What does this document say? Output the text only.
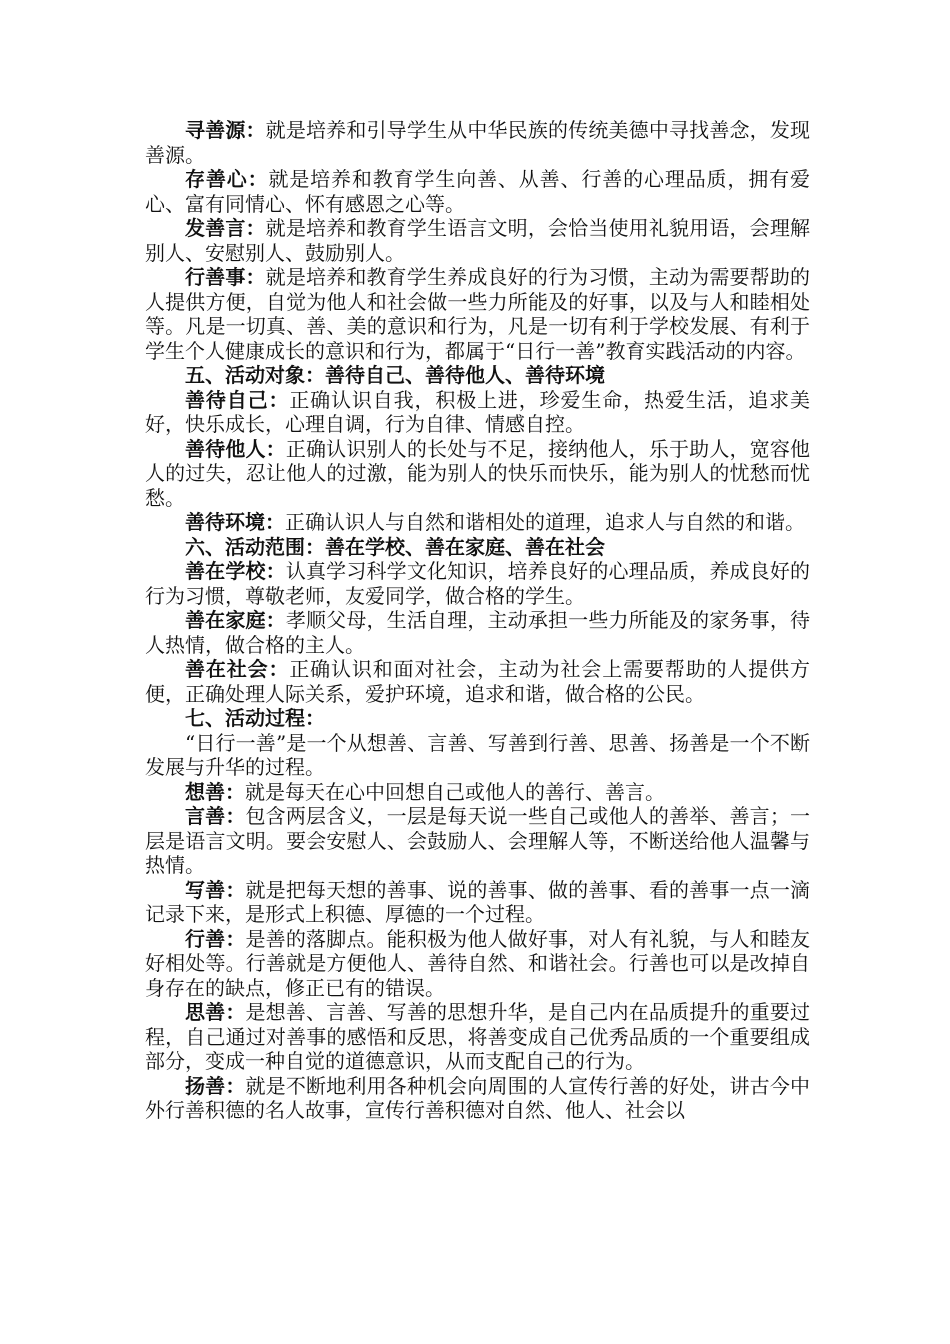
寻善源：就是培养和引导学生从中华民族的传统美德中寻找善念，发现善源。

存善心：就是培养和教育学生向善、从善、行善的心理品质，拥有爱心、富有同情心、怀有感恩之心等。

发善言：就是培养和教育学生语言文明，会恰当使用礼貌用语，会理解别人、安慰别人、鼓励别人。

行善事：就是培养和教育学生养成良好的行为习惯，主动为需要帮助的人提供方便，自觉为他人和社会做一些力所能及的好事，以及与人和睦相处等。凡是一切真、善、美的意识和行为，凡是一切有利于学校发展、有利于学生个人健康成长的意识和行为，都属于“日行一善”教育实践活动的内容。

五、活动对象：善待自己、善待他人、善待环境

善待自己：正确认识自我，积极上进，珍爱生命，热爱生活，追求美好，快乐成长，心理自调，行为自律、情感自控。

善待他人：正确认识别人的长处与不足，接纳他人，乐于助人，宽容他人的过失，忍让他人的过激，能为别人的快乐而快乐，能为别人的忧愁而忧愁。

善待环境：正确认识人与自然和谐相处的道理，追求人与自然的和谐。

六、活动范围：善在学校、善在家庭、善在社会

善在学校：认真学习科学文化知识，培养良好的心理品质，养成良好的行为习惯，尊敬老师，友爱同学，做合格的学生。

善在家庭：孝顺父母，生活自理，主动承担一些力所能及的家务事，待人热情，做合格的主人。

善在社会：正确认识和面对社会，主动为社会上需要帮助的人提供方便，正确处理人际关系，爱护环境，追求和谐，做合格的公民。

七、活动过程：

“日行一善”是一个从想善、言善、写善到行善、思善、扬善是一个不断发展与升华的过程。

想善：就是每天在心中回想自己或他人的善行、善言。

言善：包含两层含义，一层是每天说一些自己或他人的善举、善言；一层是语言文明。要会安慰人、会鼓励人、会理解人等，不断送给他人温馨与热情。

写善：就是把每天想的善事、说的善事、做的善事、看的善事一点一滴记录下来，是形式上积德、厚德的一个过程。

行善：是善的落脚点。能积极为他人做好事，对人有礼貌，与人和睦友好相处等。行善就是方便他人、善待自然、和谐社会。行善也可以是改掉自身存在的缺点，修正已有的错误。

思善：是想善、言善、写善的思想升华，是自己内在品质提升的重要过程，自己通过对善事的感悟和反思，将善变成自己优秀品质的一个重要组成部分，变成一种自觉的道德意识，从而支配自己的行为。

扬善：就是不断地利用各种机会向周围的人宣传行善的好处，讲古今中外行善积德的名人故事，宣传行善积德对自然、他人、社会以
